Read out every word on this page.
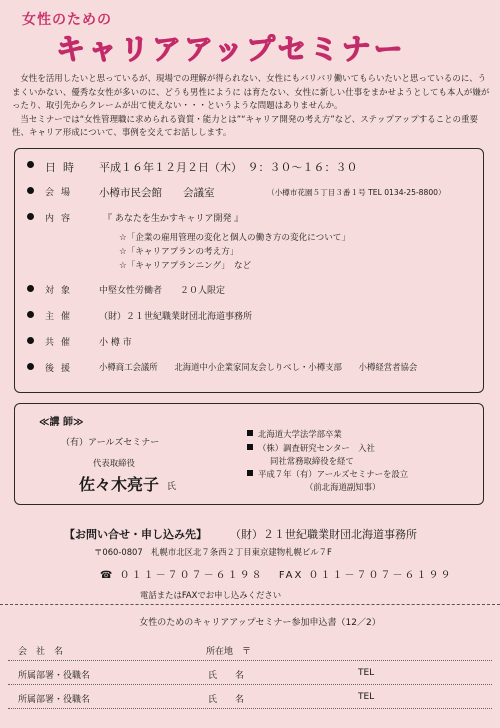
女性のための
キャリアアップセミナー

女性を活用したいと思っているが、現場での理解が得られない、女性にもバリバリ働いてもらいたいと思っているのに、うまくいかない、優秀な女性が多いのに、どうも男性にように は育たない、女性に新しい仕事をまかせようとしても本人が嫌がったり、取引先からクレームが出て使えない・・・というような問題はありませんか。

当セミナーでは“女性管理職に求められる資質・能力とは”“キャリア開発の考え方”など、ステップアップすることの重要性、キャリア形成について、事例を交えてお話しします。

日時	平成１６年１２月２日（木）　９：３０～１６：３０
会場	小樽市民会館　　会議室	（小樽市花園５丁目３番１号 TEL 0134-25-8800）
内容	『 あなたを生かすキャリア開発 』
☆「企業の雇用管理の変化と個人の働き方の変化について」
☆「キャリアプランの考え方」
☆「キャリアプランニング」　など
対象	中堅女性労働者　　２０人限定
主催	（財）２１世紀職業財団北海道事務所
共催	小 樽 市
後援	小樽商工会議所　　北海道中小企業家同友会しりべし・小樽支部　　小樽経営者協会
≪講 師≫
（有）アールズセミナー
代表取締役
佐々木亮子 氏
北海道大学法学部卒業
（株）調査研究センター　入社
同社常務取締役を経て
平成７年（有）アールズセミナーを設立
（前北海道副知事）
【お問い合せ・申し込み先】 （財）２１世紀職業財団北海道事務所
〒060-0807　札幌市北区北７条西２丁目東京建物札幌ビル７F
☎ ０１１－７０７－６１９８ FAX ０１１－７０７－６１９９
電話またはFAXでお申し込みください
女性のためのキャリアアップセミナー参加申込書（12／2）
会　社　名	所在地　〒
所属部署・役職名	氏　　名	TEL
所属部署・役職名	氏　　名	TEL
